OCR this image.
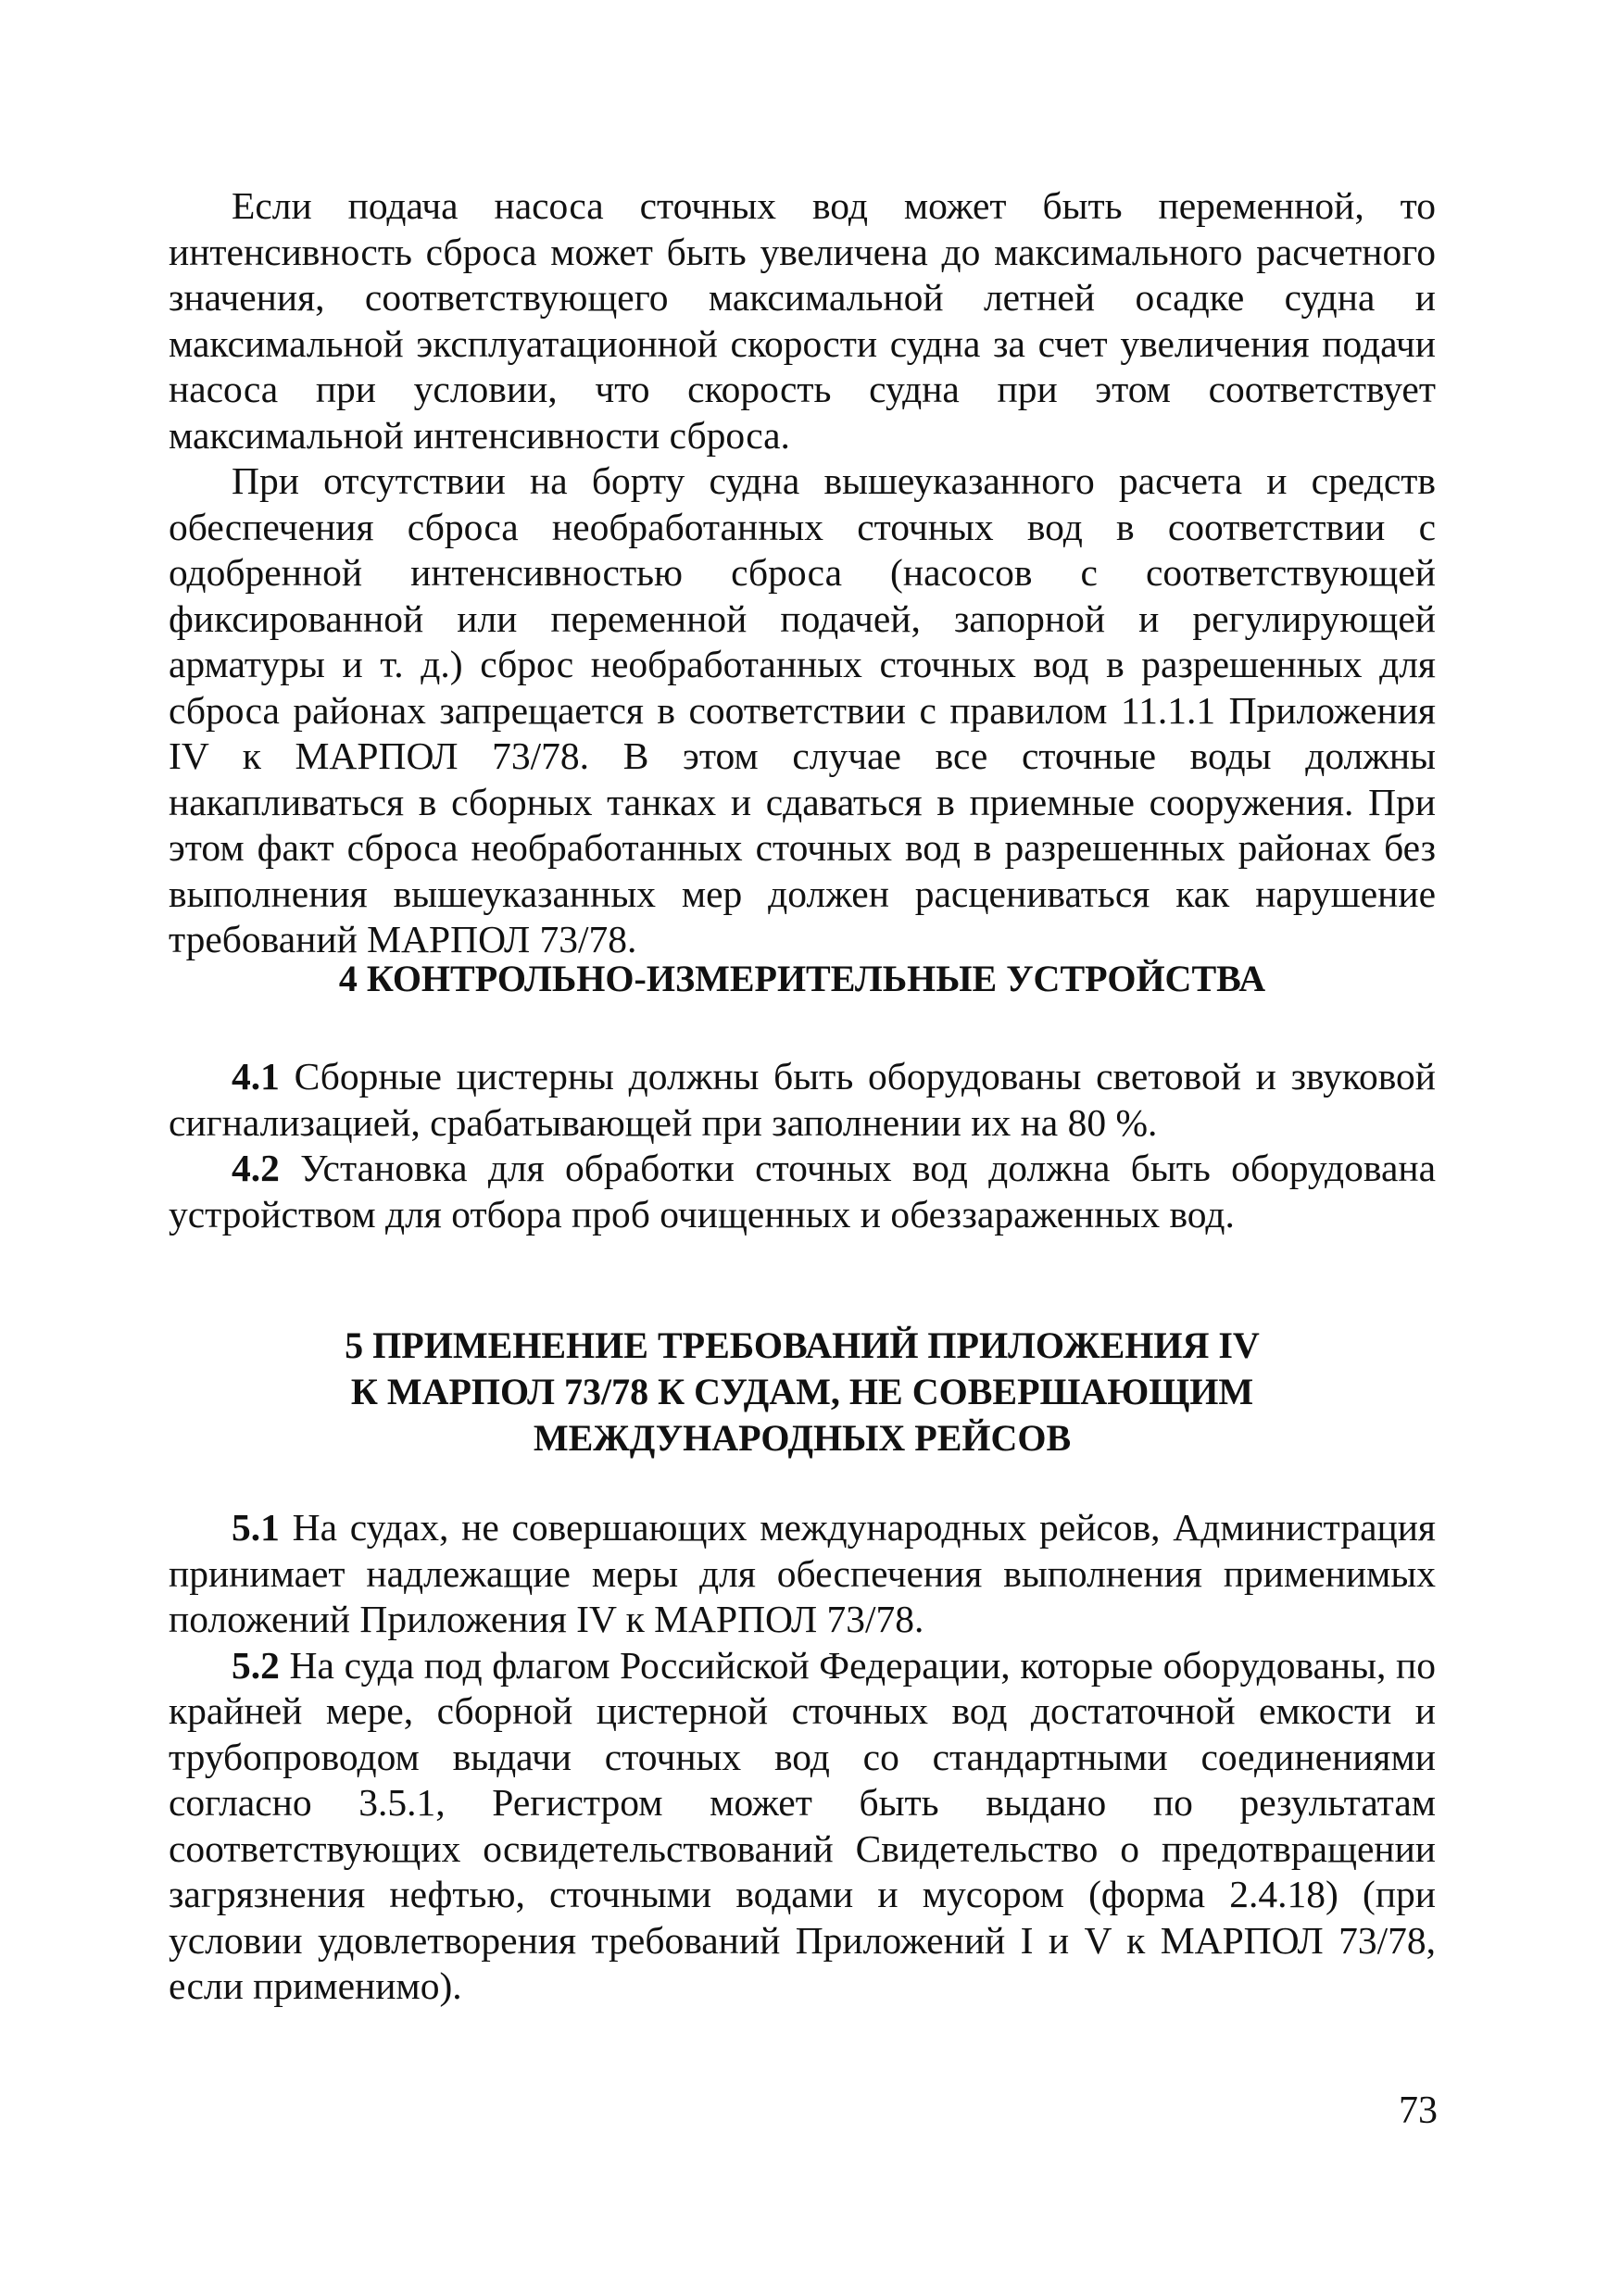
Если подача насоса сточных вод может быть переменной, то интенсивность сброса может быть увеличена до максимального расчетного значения, соответствующего максимальной летней осадке судна и максимальной эксплуатационной скорости судна за счет увеличения подачи насоса при условии, что скорость судна при этом соответствует максимальной интенсивности сброса.

При отсутствии на борту судна вышеуказанного расчета и средств обеспечения сброса необработанных сточных вод в соответствии с одобренной интенсивностью сброса (насосов с соответствующей фиксированной или переменной подачей, запорной и регулирующей арматуры и т. д.) сброс необработанных сточных вод в разрешенных для сброса районах запрещается в соответствии с правилом 11.1.1 Приложения IV к МАРПОЛ 73/78. В этом случае все сточные воды должны накапливаться в сборных танках и сдаваться в приемные сооружения. При этом факт сброса необработанных сточных вод в разрешенных районах без выполнения вышеуказанных мер должен расцениваться как нарушение требований МАРПОЛ 73/78.

4 КОНТРОЛЬНО-ИЗМЕРИТЕЛЬНЫЕ УСТРОЙСТВА

4.1 Сборные цистерны должны быть оборудованы световой и звуковой сигнализацией, срабатывающей при заполнении их на 80 %.

4.2 Установка для обработки сточных вод должна быть оборудована устройством для отбора проб очищенных и обеззараженных вод.

5 ПРИМЕНЕНИЕ ТРЕБОВАНИЙ ПРИЛОЖЕНИЯ IV
К МАРПОЛ 73/78 К СУДАМ, НЕ СОВЕРШАЮЩИМ
МЕЖДУНАРОДНЫХ РЕЙСОВ

5.1 На судах, не совершающих международных рейсов, Администрация принимает надлежащие меры для обеспечения выполнения применимых положений Приложения IV к МАРПОЛ 73/78.

5.2 На суда под флагом Российской Федерации, которые оборудованы, по крайней мере, сборной цистерной сточных вод достаточной емкости и трубопроводом выдачи сточных вод со стандартными соединениями согласно 3.5.1, Регистром может быть выдано по результатам соответствующих освидетельствований Свидетельство о предотвращении загрязнения нефтью, сточными водами и мусором (форма 2.4.18) (при условии удовлетворения требований Приложений I и V к МАРПОЛ 73/78, если применимо).

73
